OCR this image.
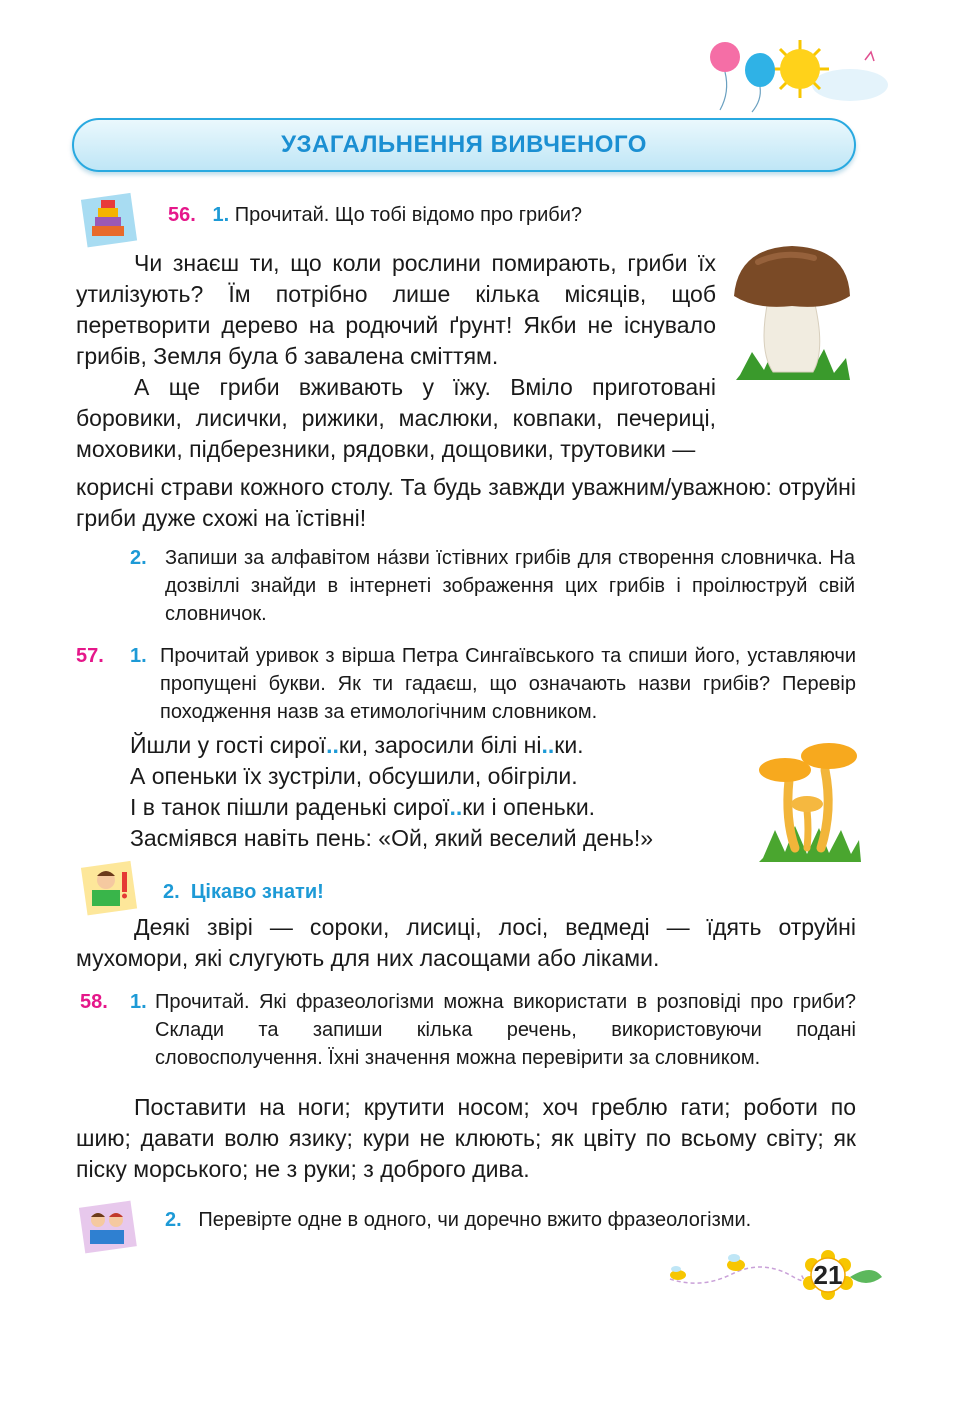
УЗАГАЛЬНЕННЯ ВИВЧЕНОГО
56. 1. Прочитай. Що тобі відомо про гриби?
Чи знаєш ти, що коли рослини помирають, гриби їх утилізують? Їм потрібно лише кілька місяців, щоб перетворити дерево на родючий ґрунт! Якби не існувало грибів, Земля була б завалена сміттям.
А ще гриби вживають у їжу. Вміло приготовані боровики, лисички, рижики, маслюки, ковпаки, печериці, моховики, підберезники, рядовки, дощовики, трутовики —
корисні страви кожного столу. Та будь завжди уважним/уважною: отруйні гриби дуже схожі на їстівні!
2. Запиши за алфавітом на́зви їстівних грибів для створення словничка. На дозвіллі знайди в інтернеті зображення цих грибів і проілюструй свій словничок.
57. 1. Прочитай уривок з вірша Петра Сингаївського та спиши його, уставляючи пропущені букви. Як ти гадаєш, що означають назви грибів? Перевір походження назв за етимологічним словником.
Йшли у гості сирої..ки, заросили білі ні..ки.
А опеньки їх зустріли, обсушили, обігріли.
І в танок пішли раденькі сирої..ки і опеньки.
Засміявся навіть пень: «Ой, який веселий день!»
2. Цікаво знати!
Деякі звірі — сороки, лисиці, лосі, ведмеді — їдять отруйні мухомори, які слугують для них ласощами або ліками.
58. 1. Прочитай. Які фразеологізми можна використати в розповіді про гриби? Склади та запиши кілька речень, використовуючи подані словосполучення. Їхні значення можна перевірити за словником.
Поставити на ноги; крутити носом; хоч греблю гати; роботи по шию; давати волю язику; кури не клюють; як цвіту по всьому світу; як піску морського; не з руки; з доброго дива.
2. Перевірте одне в одного, чи доречно вжито фразеологізми.
21
